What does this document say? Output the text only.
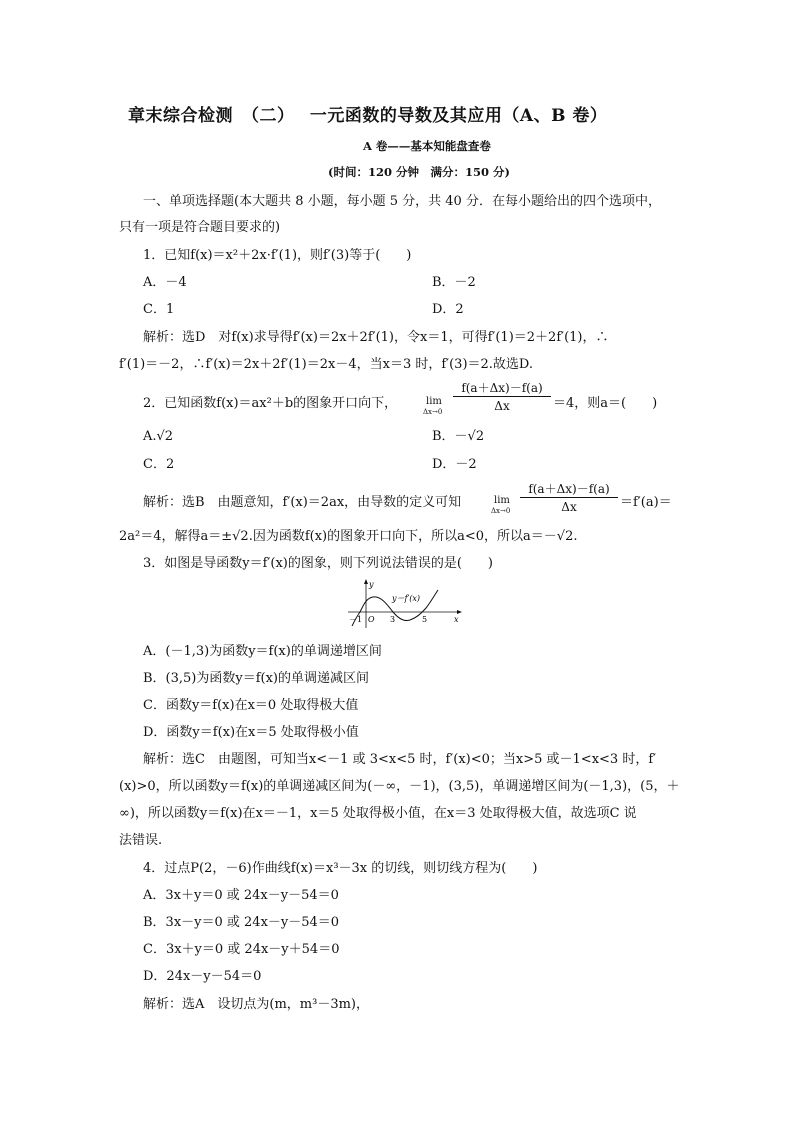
章末综合检测　（二）　 一元函数的导数及其应用（A、B 卷）
A 卷——基本知能盘查卷
(时间：120 分钟　满分：150 分)
一、单项选择题(本大题共 8 小题，每小题 5 分，共 40 分．在每小题给出的四个选项中，
只有一项是符合题目要求的)
1．已知f(x)＝x²＋2x·f′(1)，则f′(3)等于(　　)
A．－4	B．－2
C．1	D．2
解析：选D　对f(x)求导得f′(x)＝2x＋2f′(1)，令x＝1，可得f′(1)＝2＋2f′(1)，∴
f′(1)＝－2，∴f′(x)＝2x＋2f′(1)＝2x－4，当x＝3 时，f′(3)＝2.故选D.
2．已知函数f(x)＝ax²＋b的图象开口向下，	lim
$\Delta x\to 0 \frac{f(a+\Delta x)-f(a)}{\Delta x} =4$，则a＝(　　)
A.√2	B．－√2
C．2	D．－2
解析：选B　由题意知，f′(x)＝2ax，由导数的定义可知	lim
$\Delta x\to 0 \frac{f(a+\Delta x)-f(a)}{\Delta x} =f'(a)=$
2a²＝4，解得a＝±√2.因为函数f(x)的图象开口向下，所以a<0，所以a＝－√2.
3．如图是导函数y＝f′(x)的图象，则下列说法错误的是(　　)
y
x
y＝f′(x)
－1 O 3	5
A．(－1,3)为函数y＝f(x)的单调递增区间
B．(3,5)为函数y＝f(x)的单调递减区间
C．函数y＝f(x)在x＝0 处取得极大值
D．函数y＝f(x)在x＝5 处取得极小值
解析：选C　由题图，可知当x<－1 或 3<x<5 时，f′(x)<0；当x>5 或－1<x<3 时，f′
(x)>0，所以函数y＝f(x)的单调递减区间为(－∞，－1)，(3,5)，单调递增区间为(－1,3)，(5，＋
∞)，所以函数y＝f(x)在x＝－1，x＝5 处取得极小值，在x＝3 处取得极大值，故选项C 说
法错误.
4．过点P(2，－6)作曲线f(x)＝x³－3x 的切线，则切线方程为(　　)
A．3x＋y＝0 或 24x－y－54＝0
B．3x－y＝0 或 24x－y－54＝0
C．3x＋y＝0 或 24x－y＋54＝0
D．24x－y－54＝0
解析：选A　设切点为(m，m³－3m)，
